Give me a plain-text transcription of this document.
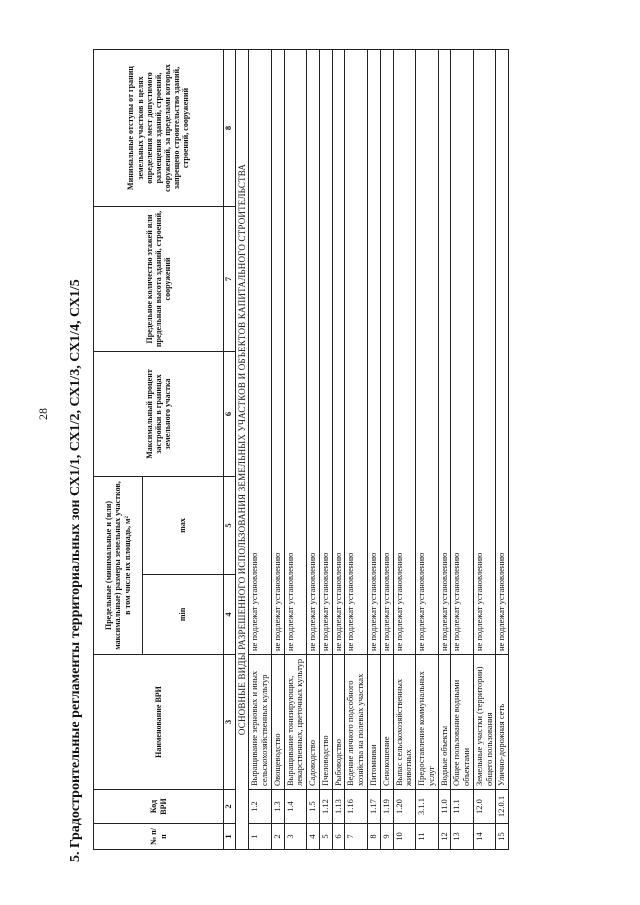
28 5. Градостроительные регламенты территориальных зон СХ1/1, СХ1/2, СХ1/3, СХ1/4, СХ1/5	№ п/п	Код ВРИ	Наименование ВРИ	Предельные (минимальные и (или) максимальные) размеры земельных участков, в том числе их площадь, м²		Максимальный процент застройки в границах земельного участка	Предельное количество этажей или предельная высота зданий, строений, сооружений	Минимальные отступы от границ земельных участков в целях определения мест допустимого размещения зданий, строений, сооружений, за пределами которых запрещено строительство зданий, строений, сооружений
			min	max			
1	2	3	4	5	6	7	8
ОСНОВНЫЕ ВИДЫ РАЗРЕШЕННОГО ИСПОЛЬЗОВАНИЯ ЗЕМЕЛЬНЫХ УЧАСТКОВ И ОБЪЕКТОВ КАПИТАЛЬНОГО СТРОИТЕЛЬСТВА							
1	1.2	Выращивание зерновых и иных сельскохозяйственных культур	не подлежат установлению				
2	1.3	Овощеводство	не подлежат установлению				
3	1.4	Выращивание тонизирующих, лекарственных, цветочных культур	не подлежат установлению				
4	1.5	Садоводство	не подлежат установлению				
5	1.12	Пчеловодство	не подлежат установлению				
6	1.13	Рыбоводство	не подлежат установлению				
7	1.16	Ведение личного подсобного хозяйства на полевых участках	не подлежат установлению				
8	1.17	Питомники	не подлежат установлению				
9	1.19	Сенокошение	не подлежат установлению				
10	1.20	Выпас сельскохозяйственных животных	не подлежат установлению				
11	3.1.1	Предоставление коммунальных услуг	не подлежат установлению				
12	11.0	Водные объекты	не подлежат установлению				
13	11.1	Общее пользование водными объектами	не подлежат установлению				
14	12.0	Земельные участки (территории) общего пользования	не подлежат установлению				
15	12.0.1	Улично-дорожная сеть	не подлежат установлению				
